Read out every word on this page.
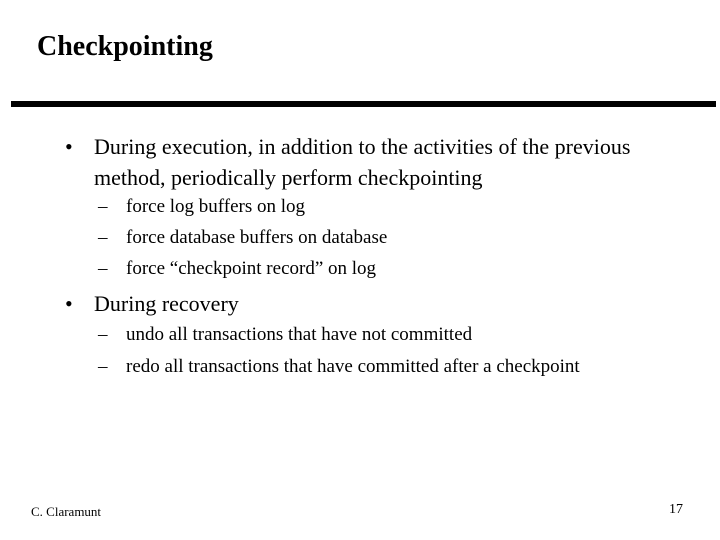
Checkpointing
• During execution, in addition to the activities of the previous method, periodically perform checkpointing
– force log buffers on log
– force database buffers on database
– force “checkpoint record” on log
• During recovery
– undo all transactions that have not committed
– redo all transactions that have committed after a checkpoint
C. Claramunt	17
